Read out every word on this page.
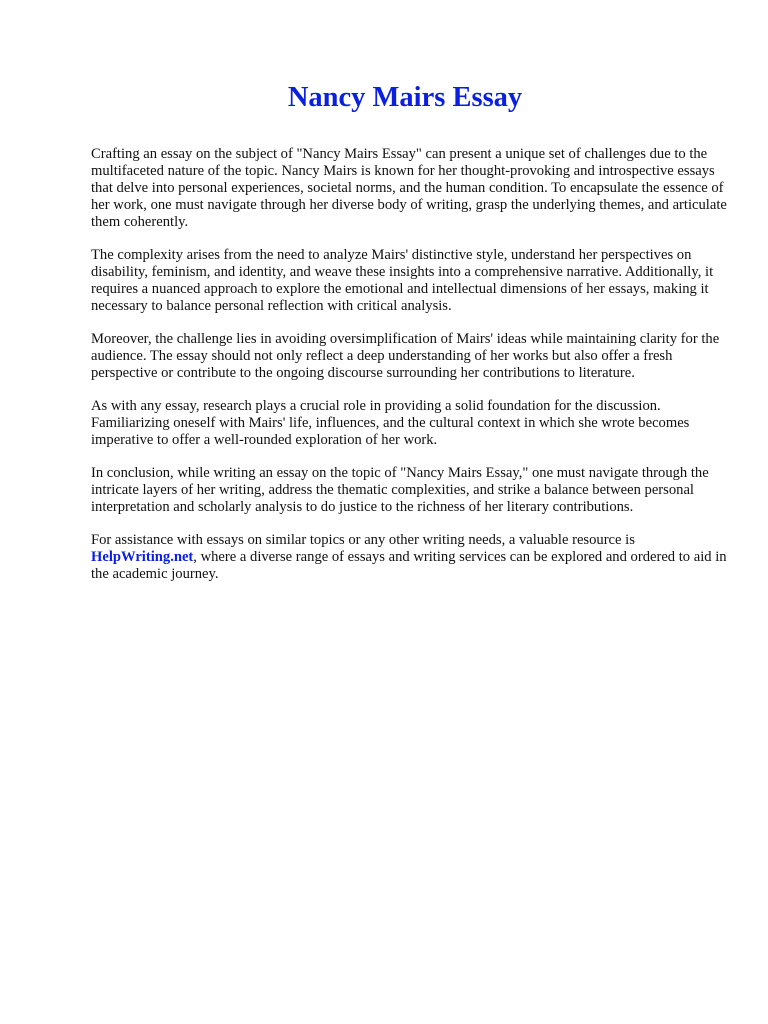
Nancy Mairs Essay

Crafting an essay on the subject of "Nancy Mairs Essay" can present a unique set of challenges due to the multifaceted nature of the topic. Nancy Mairs is known for her thought-provoking and introspective essays that delve into personal experiences, societal norms, and the human condition. To encapsulate the essence of her work, one must navigate through her diverse body of writing, grasp the underlying themes, and articulate them coherently.

The complexity arises from the need to analyze Mairs' distinctive style, understand her perspectives on disability, feminism, and identity, and weave these insights into a comprehensive narrative. Additionally, it requires a nuanced approach to explore the emotional and intellectual dimensions of her essays, making it necessary to balance personal reflection with critical analysis.

Moreover, the challenge lies in avoiding oversimplification of Mairs' ideas while maintaining clarity for the audience. The essay should not only reflect a deep understanding of her works but also offer a fresh perspective or contribute to the ongoing discourse surrounding her contributions to literature.

As with any essay, research plays a crucial role in providing a solid foundation for the discussion. Familiarizing oneself with Mairs' life, influences, and the cultural context in which she wrote becomes imperative to offer a well-rounded exploration of her work.

In conclusion, while writing an essay on the topic of "Nancy Mairs Essay," one must navigate through the intricate layers of her writing, address the thematic complexities, and strike a balance between personal interpretation and scholarly analysis to do justice to the richness of her literary contributions.

For assistance with essays on similar topics or any other writing needs, a valuable resource is HelpWriting.net, where a diverse range of essays and writing services can be explored and ordered to aid in the academic journey.
